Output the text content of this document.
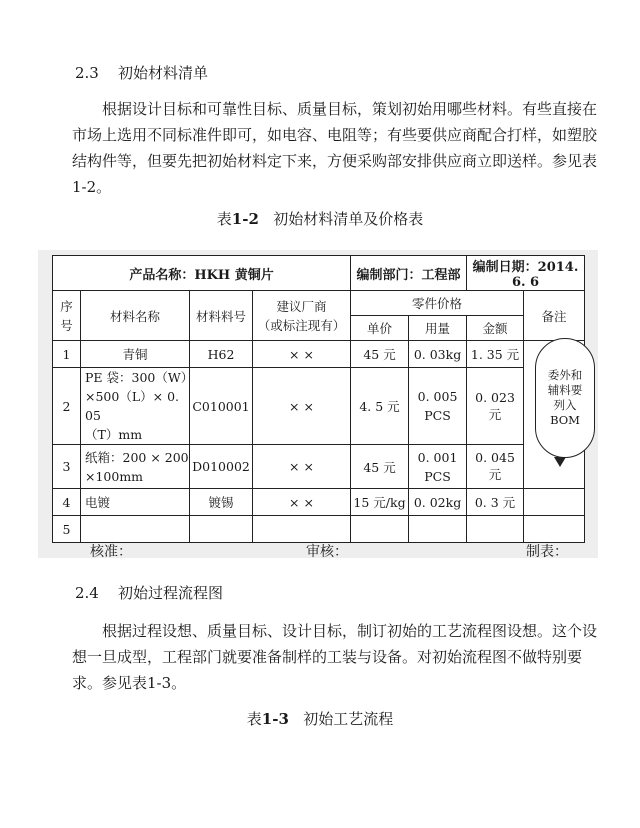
2.3 初始材料清单
根据设计目标和可靠性目标、质量目标，策划初始用哪些材料。有些直接在
市场上选用不同标准件即可，如电容、电阻等；有些要供应商配合打样，如塑胶
结构件等，但要先把初始材料定下来，方便采购部安排供应商立即送样。参见表
1-2。
表1-2 初始材料清单及价格表
产品名称：HKH 黄铜片				编制部门：工程部		编制日期：2014. 6. 6	

序
号	材料名称	材料料号	建议厂商
（或标注现有）	零件价格			备注
				单价	用量	金额	
1	青铜	H62	× ×	45 元	0. 03kg	1. 35 元	
2	PE 袋：300（W）
×500（L）× 0. 05
（T）mm	C010001	× ×	4. 5 元	0. 005
PCS	0. 023 元	
3	纸箱：200 × 200
×100mm	D010002	× ×	45 元	0. 001
PCS	0. 045 元	
4	电镀	镀锡	× ×	15 元/kg	0. 02kg	0. 3 元	
5							
委外和
辅料要
列入
BOM
核准：	审核：	制表：
2.4 初始过程流程图
根据过程设想、质量目标、设计目标，制订初始的工艺流程图设想。这个设
想一旦成型，工程部门就要准备制样的工装与设备。对初始流程图不做特别要
求。参见表1-3。
表1-3 初始工艺流程
